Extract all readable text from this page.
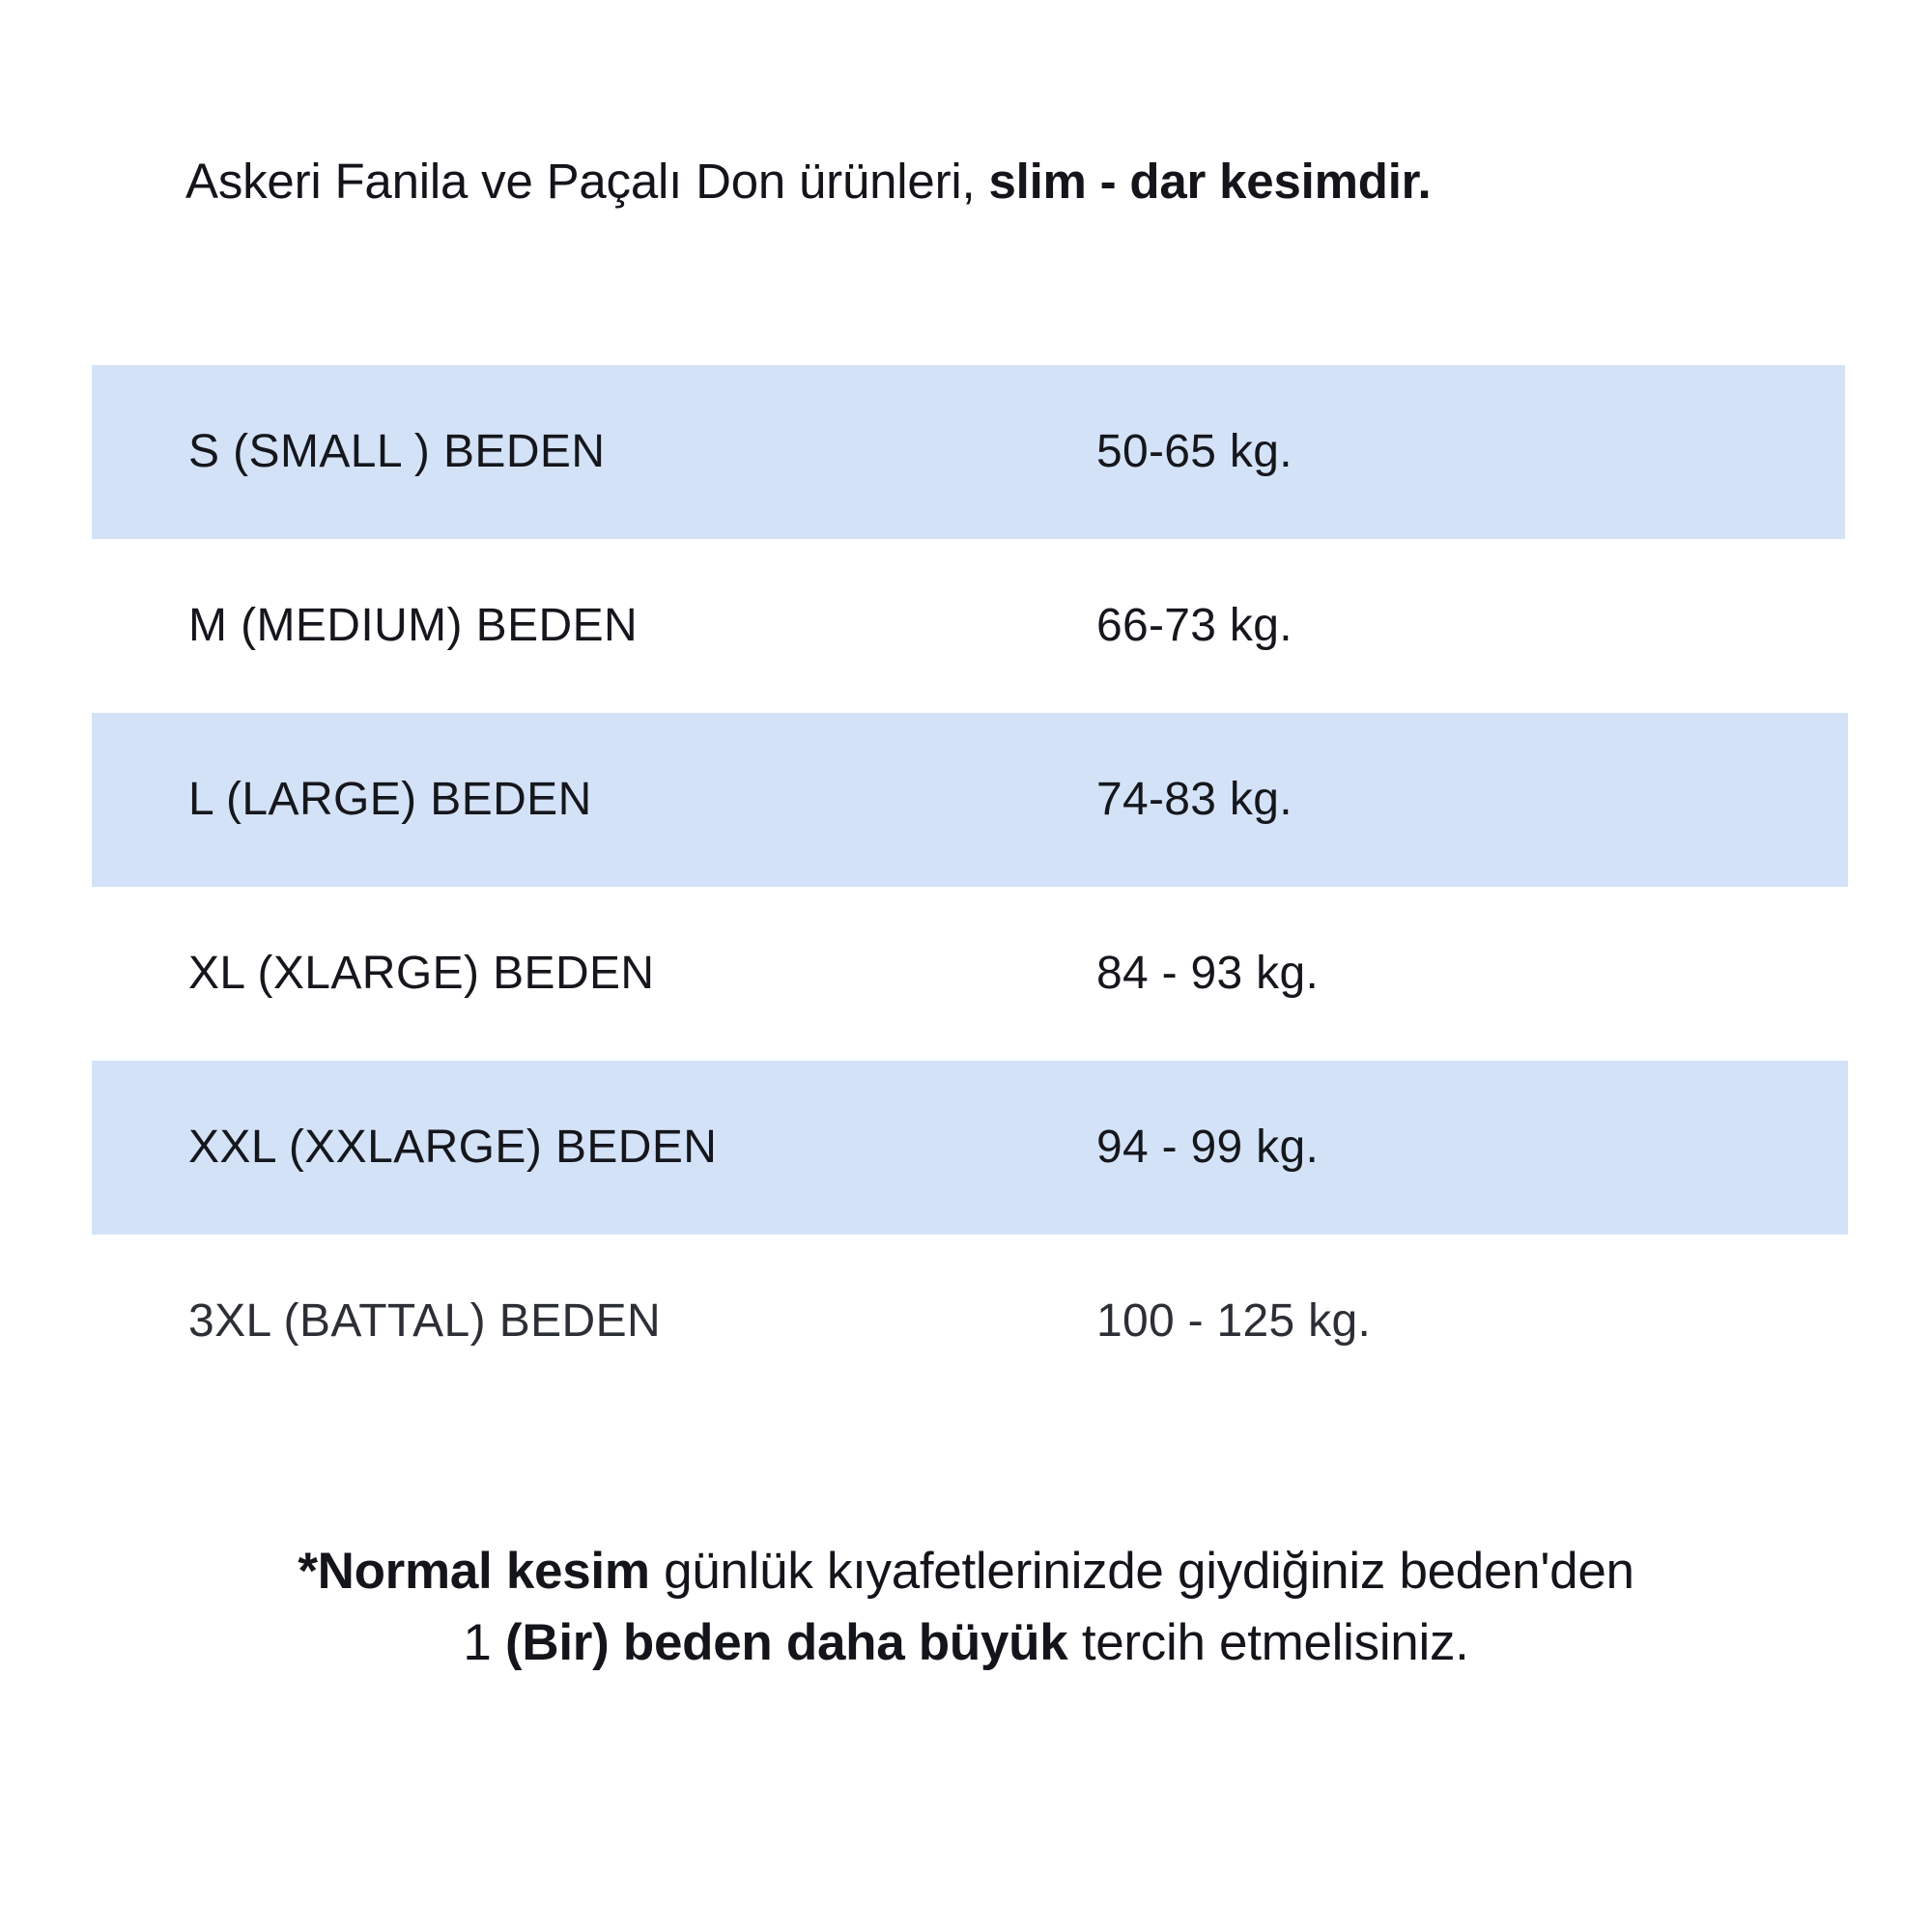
Askeri Fanila ve Paçalı Don ürünleri, slim - dar kesimdir.
S (SMALL ) BEDEN	50-65 kg.
M (MEDIUM) BEDEN	66-73 kg.
L (LARGE) BEDEN	74-83 kg.
XL (XLARGE) BEDEN	84 - 93 kg.
XXL (XXLARGE) BEDEN	94 - 99 kg.
3XL (BATTAL) BEDEN	100 - 125 kg.
*Normal kesim günlük kıyafetlerinizde giydiğiniz beden'den
1 (Bir) beden daha büyük tercih etmelisiniz.
